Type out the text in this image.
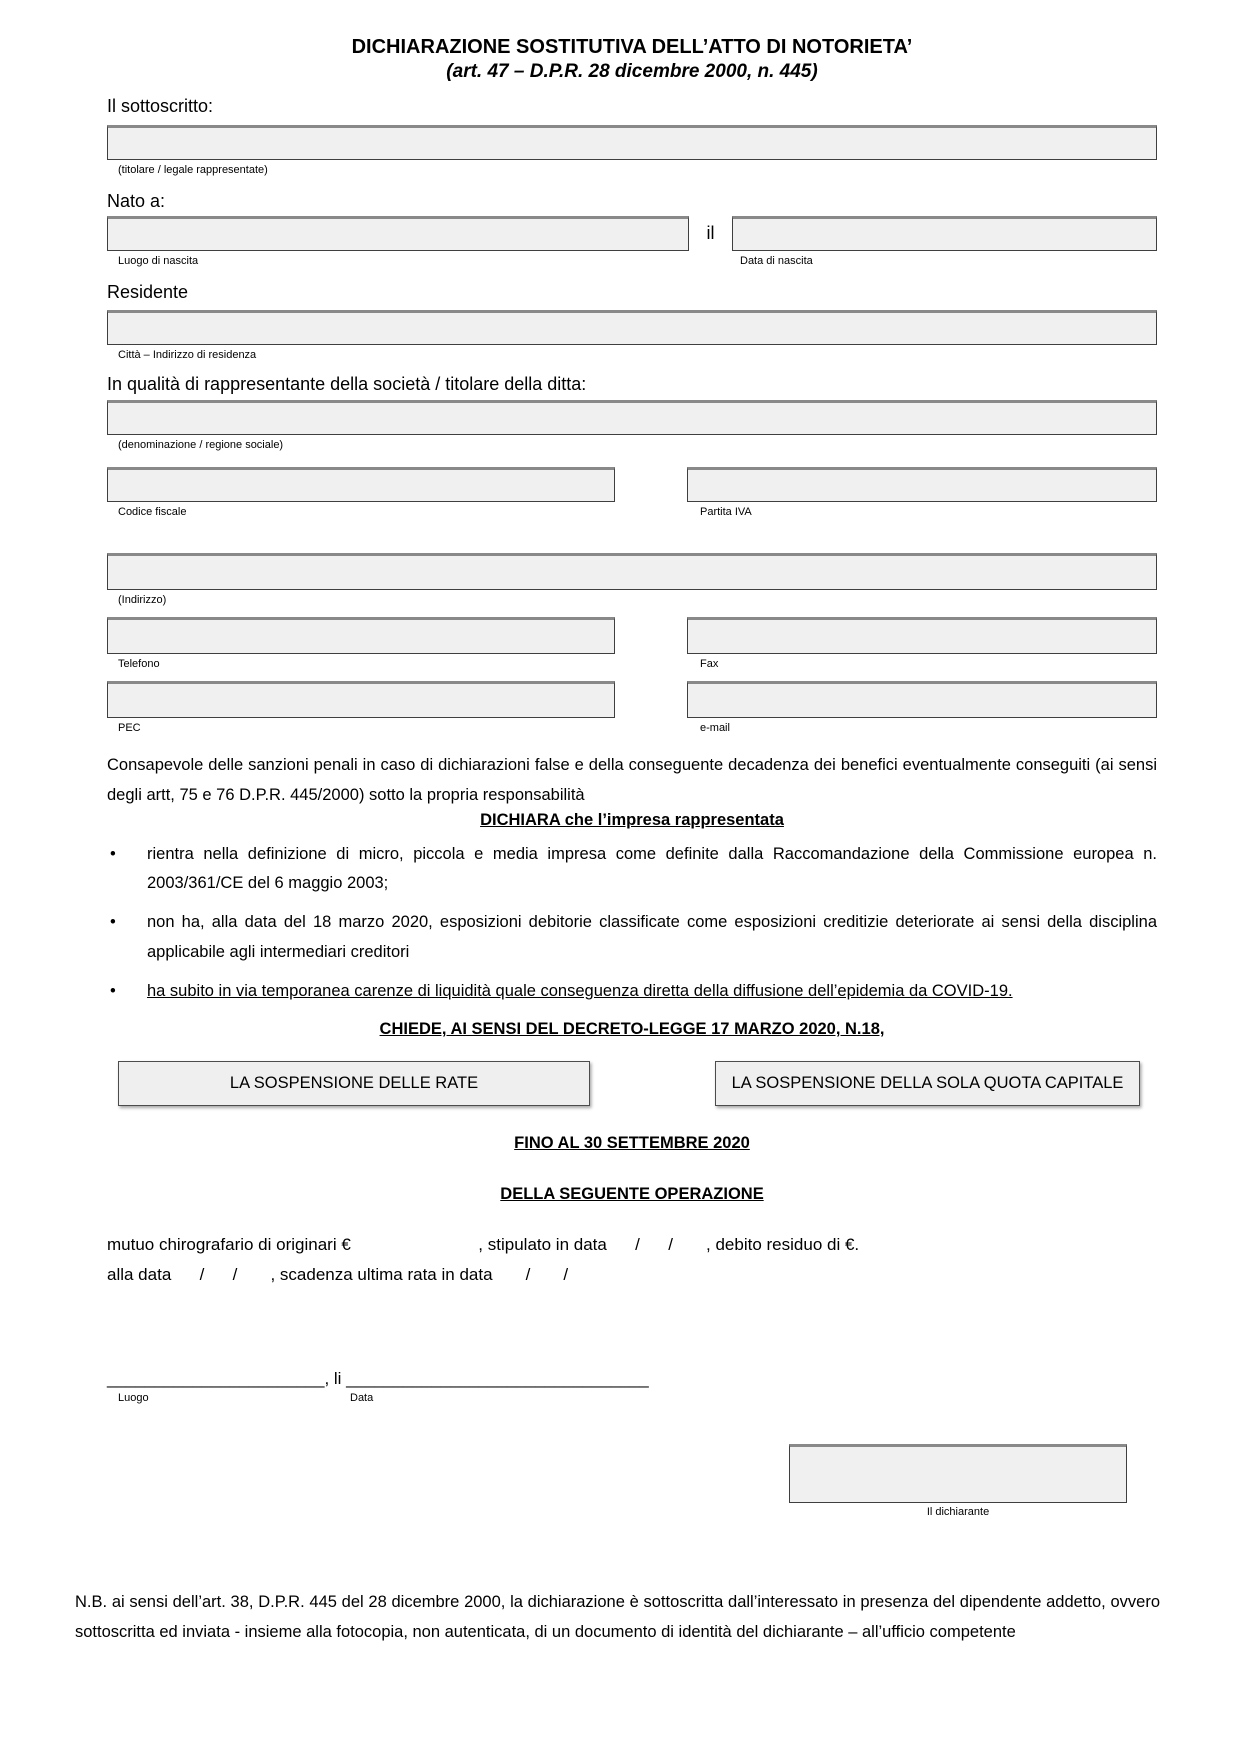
DICHIARAZIONE SOSTITUTIVA DELL’ATTO DI NOTORIETA’
(art. 47 – D.P.R. 28 dicembre 2000, n. 445)
Il sottoscritto:
(titolare / legale rappresentate)
Nato a:
il
Luogo di nascita	Data di nascita
Residente
Città – Indirizzo di residenza
In qualità di rappresentante della società / titolare della ditta:
(denominazione / regione sociale)
Codice fiscale	Partita IVA
(Indirizzo)
Telefono	Fax
PEC	e-mail
Consapevole delle sanzioni penali in caso di dichiarazioni false e della conseguente decadenza dei benefici eventualmente conseguiti (ai sensi degli artt, 75 e 76 D.P.R. 445/2000) sotto la propria responsabilità
DICHIARA che l’impresa rappresentata
•	rientra nella definizione di micro, piccola e media impresa come definite dalla Raccomandazione della Commissione europea n. 2003/361/CE del 6 maggio 2003;
•	non ha, alla data del 18 marzo 2020, esposizioni debitorie classificate come esposizioni creditizie deteriorate ai sensi della disciplina applicabile agli intermediari creditori
•	ha subito in via temporanea carenze di liquidità quale conseguenza diretta della diffusione dell’epidemia da COVID-19.
CHIEDE, AI SENSI DEL DECRETO-LEGGE 17 MARZO 2020, N.18,
LA SOSPENSIONE DELLE RATE	LA SOSPENSIONE DELLA SOLA QUOTA CAPITALE
FINO AL 30 SETTEMBRE 2020
DELLA SEGUENTE OPERAZIONE
mutuo chirografario di originari €                           , stipulato in data      /      /       , debito residuo di €.
alla data      /      /       , scadenza ultima rata in data       /       /
_______________________, li ________________________________
Luogo	Data
Il dichiarante
N.B. ai sensi dell’art. 38, D.P.R. 445 del 28 dicembre 2000, la dichiarazione è sottoscritta dall’interessato in presenza del dipendente addetto, ovvero sottoscritta ed inviata - insieme alla fotocopia, non autenticata, di un documento di identità del dichiarante – all’ufficio competente
